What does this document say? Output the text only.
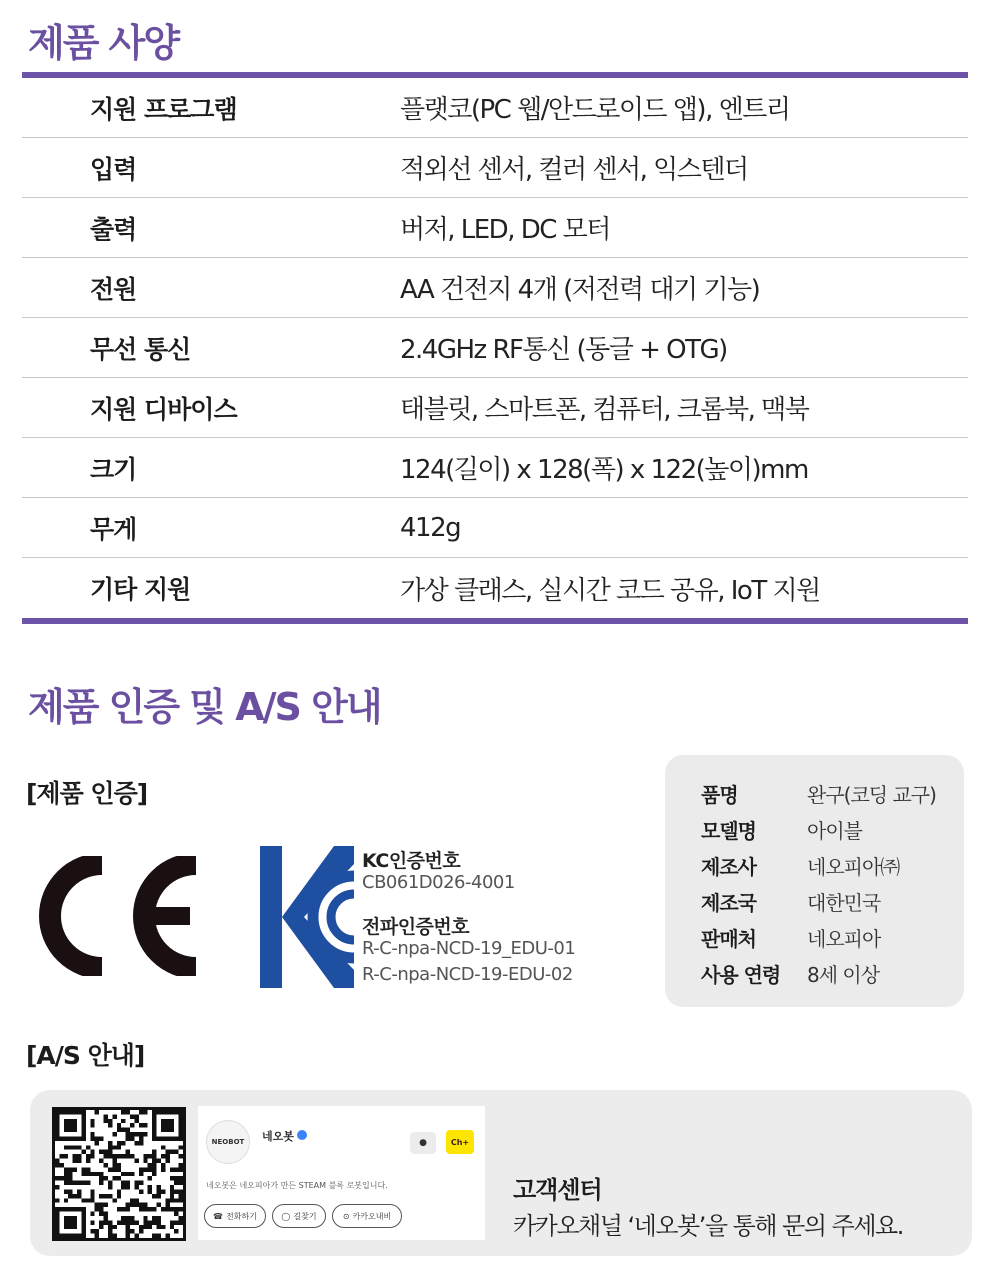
제품 사양
지원 프로그램	플랫코(PC 웹/안드로이드 앱), 엔트리
입력	적외선 센서, 컬러 센서, 익스텐더
출력	버저, LED, DC 모터
전원	AA 건전지 4개 (저전력 대기 기능)
무선 통신	2.4GHz RF통신 (동글 + OTG)
지원 디바이스	태블릿, 스마트폰, 컴퓨터, 크롬북, 맥북
크기	124(길이) x 128(폭) x 122(높이)mm
무게	412g
기타 지원	가상 클래스, 실시간 코드 공유, IoT 지원
제품 인증 및 A/S 안내
[제품 인증]
KC인증번호
CB061D026-4001
전파인증번호
R-C-npa-NCD-19_EDU-01
R-C-npa-NCD-19-EDU-02
품명	완구(코딩 교구)
모델명	아이블
제조사	네오피아㈜
제조국	대한민국
판매처	네오피아
사용 연령	8세 이상
[A/S 안내]
NEOBOT	네오봇	●	Ch+
네오봇은 네오피아가 만든 STEAM 블록 로봇입니다.
☎ 전화하기	◯ 길찾기	⊙ 카카오내비
고객센터
카카오채널 ‘네오봇’을 통해 문의 주세요.
